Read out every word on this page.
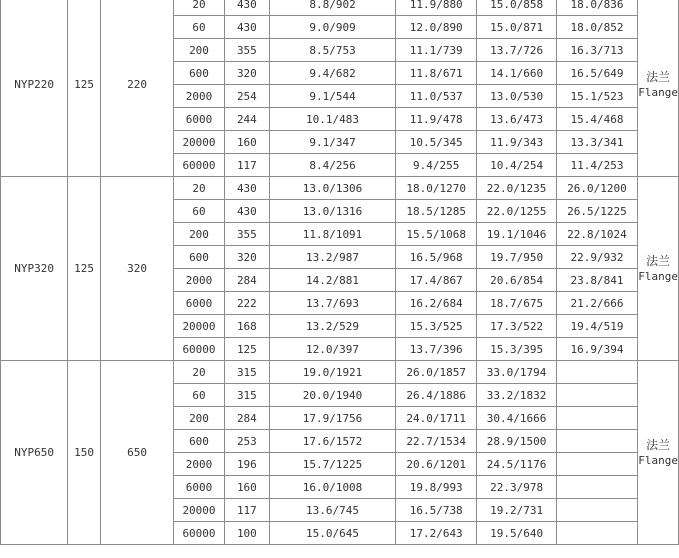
NYP220	125	220	20	430	8.8/902	11.9/880	15.0/858	18.0/836	法兰
Flange

			60	430	9.0/909	12.0/890	15.0/871	18.0/852	
			200	355	8.5/753	11.1/739	13.7/726	16.3/713	
			600	320	9.4/682	11.8/671	14.1/660	16.5/649	
			2000	254	9.1/544	11.0/537	13.0/530	15.1/523	
			6000	244	10.1/483	11.9/478	13.6/473	15.4/468	
			20000	160	9.1/347	10.5/345	11.9/343	13.3/341	
			60000	117	8.4/256	9.4/255	10.4/254	11.4/253	
NYP320	125	320	20	430	13.0/1306	18.0/1270	22.0/1235	26.0/1200	法兰
Flange

			60	430	13.0/1316	18.5/1285	22.0/1255	26.5/1225	
			200	355	11.8/1091	15.5/1068	19.1/1046	22.8/1024	
			600	320	13.2/987	16.5/968	19.7/950	22.9/932	
			2000	284	14.2/881	17.4/867	20.6/854	23.8/841	
			6000	222	13.7/693	16.2/684	18.7/675	21.2/666	
			20000	168	13.2/529	15.3/525	17.3/522	19.4/519	
			60000	125	12.0/397	13.7/396	15.3/395	16.9/394	
NYP650	150	650	20	315	19.0/1921	26.0/1857	33.0/1794		法兰
Flange

			60	315	20.0/1940	26.4/1886	33.2/1832		
			200	284	17.9/1756	24.0/1711	30.4/1666		
			600	253	17.6/1572	22.7/1534	28.9/1500		
			2000	196	15.7/1225	20.6/1201	24.5/1176		
			6000	160	16.0/1008	19.8/993	22.3/978		
			20000	117	13.6/745	16.5/738	19.2/731		
			60000	100	15.0/645	17.2/643	19.5/640		
